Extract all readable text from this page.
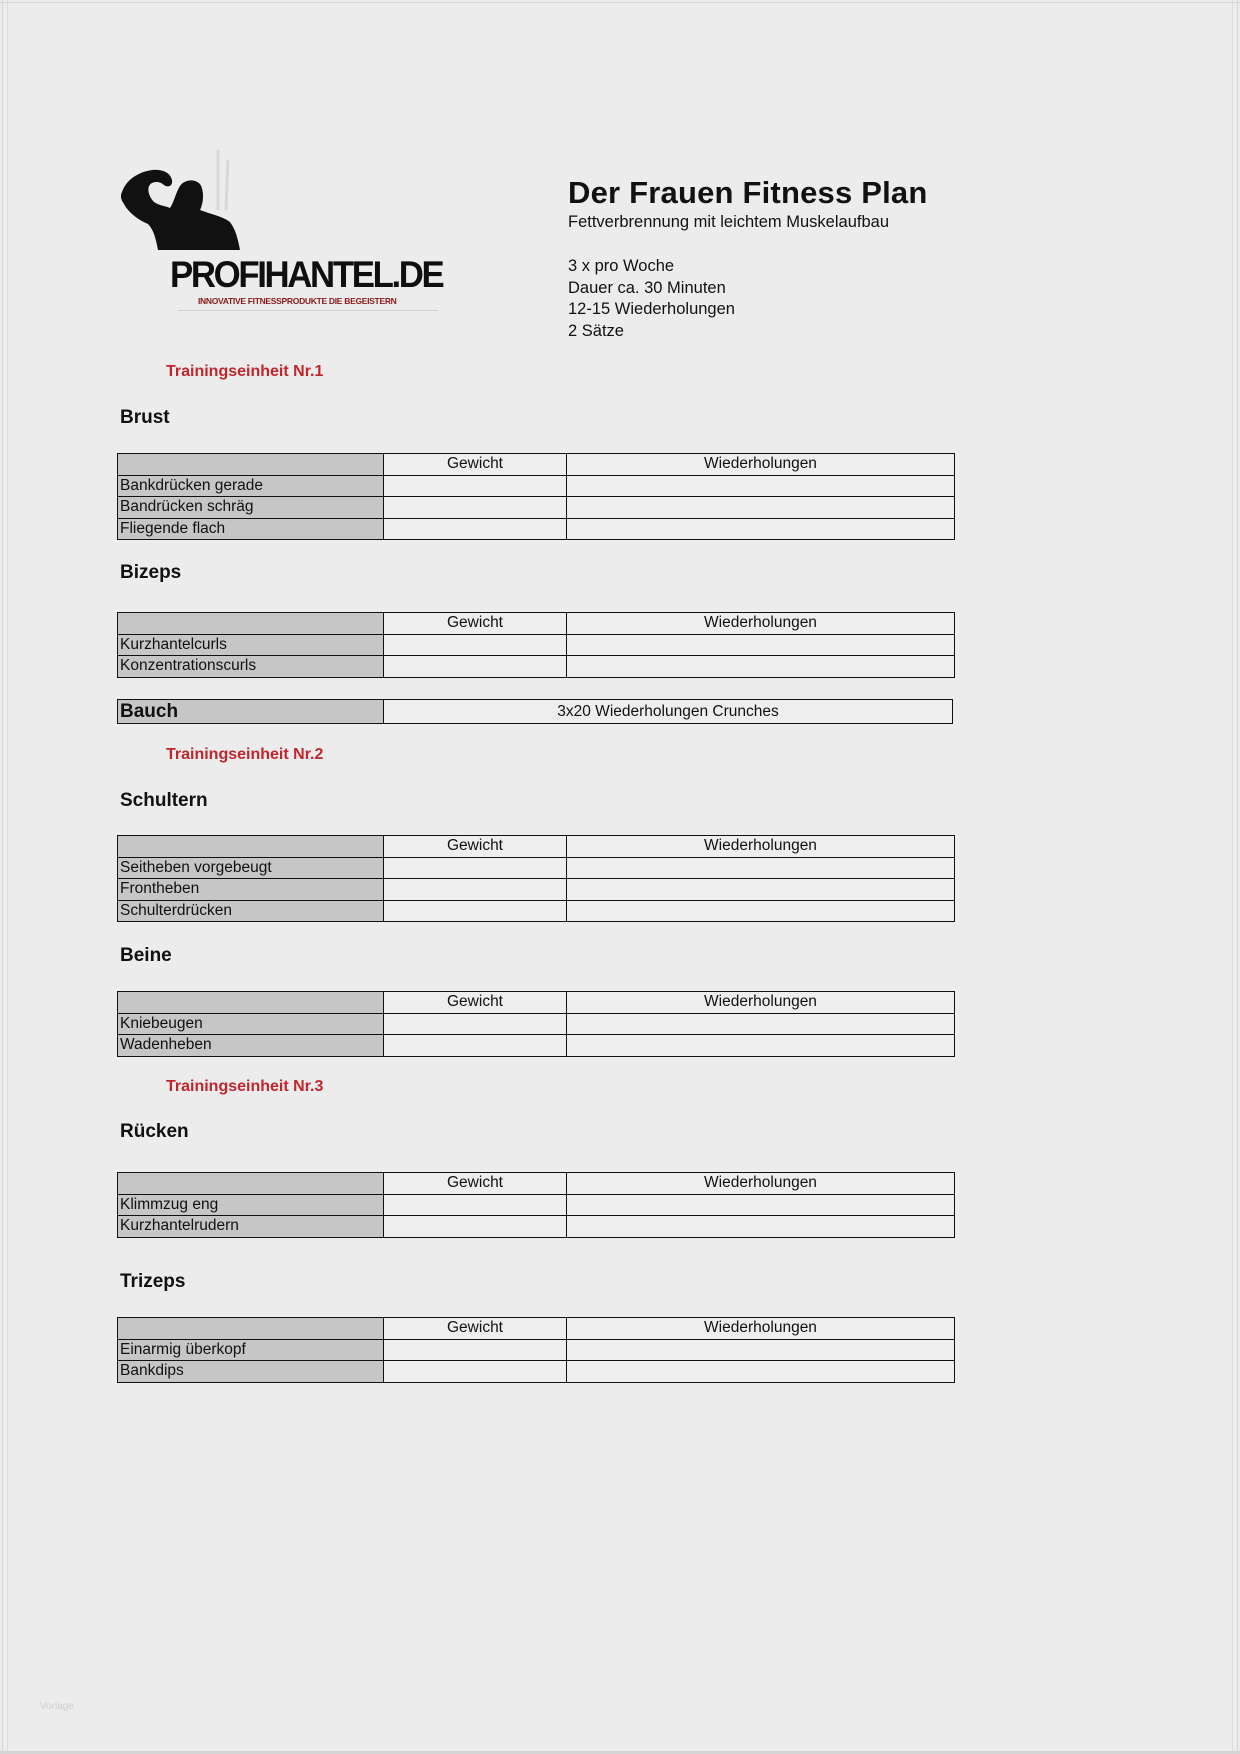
PROFIHANTEL.DE
INNOVATIVE FITNESSPRODUKTE DIE BEGEISTERN
Der Frauen Fitness Plan
Fettverbrennung mit leichtem Muskelaufbau
3 x pro Woche
Dauer ca. 30 Minuten
12-15 Wiederholungen
2 Sätze
Trainingseinheit Nr.1
Brust
	Gewicht	Wiederholungen
Bankdrücken gerade		
Bandrücken schräg		
Fliegende flach		
Bizeps
	Gewicht	Wiederholungen
Kurzhantelcurls		
Konzentrationscurls		
Bauch	3x20 Wiederholungen Crunches
Trainingseinheit Nr.2
Schultern
	Gewicht	Wiederholungen
Seitheben vorgebeugt		
Frontheben		
Schulterdrücken		
Beine
	Gewicht	Wiederholungen
Kniebeugen		
Wadenheben		
Trainingseinheit Nr.3
Rücken
	Gewicht	Wiederholungen
Klimmzug eng		
Kurzhantelrudern		
Trizeps
	Gewicht	Wiederholungen
Einarmig überkopf		
Bankdips		
Vorlage
